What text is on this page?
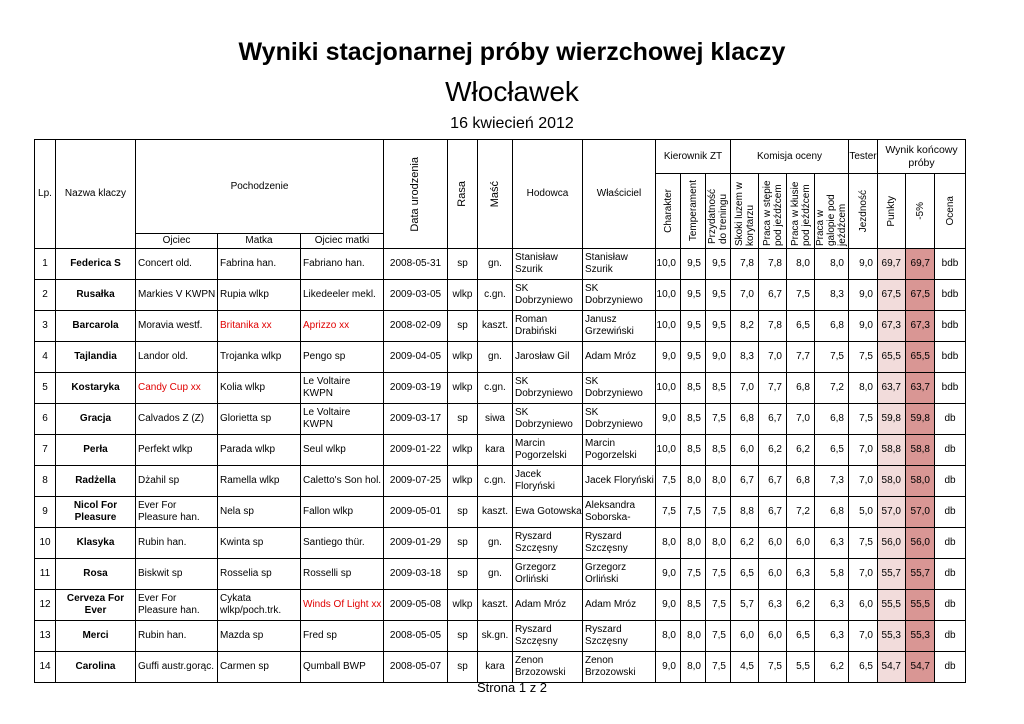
Wyniki stacjonarnej próby wierzchowej klaczy
Włocławek
16 kwiecień 2012
Lp.	Nazwa klaczy	Pochodzenie			Data urodzenia	Rasa	Maść	Hodowca	Właściciel	Kierownik ZT			Komisja oceny				Tester	Wynik końcowy próby		

										Charakter	Temperament	Przydatność do treningu	Skoki luzem w korytarzu	Praca w stępie pod jeźdźcem	Praca w kłusie pod jeźdźcem	Praca w galopie pod jeźdźcem	Jezdność	Punkty	-5%	Ocena

		Ojciec	Matka	Ojciec matki																
1	Federica S	Concert old.	Fabrina han.	Fabriano han.	2008-05-31	sp	gn.	Stanisław Szurik	Stanisław Szurik	10,0	9,5	9,5	7,8	7,8	8,0	8,0	9,0	69,7	69,7	bdb
2	Rusałka	Markies V KWPN	Rupia wlkp	Likedeeler mekl.	2009-03-05	wlkp	c.gn.	SK Dobrzyniewo	SK Dobrzyniewo	10,0	9,5	9,5	7,0	6,7	7,5	8,3	9,0	67,5	67,5	bdb
3	Barcarola	Moravia westf.	Britanika xx	Aprizzo xx	2008-02-09	sp	kaszt.	Roman Drabiński	Janusz Grzewiński	10,0	9,5	9,5	8,2	7,8	6,5	6,8	9,0	67,3	67,3	bdb
4	Tajlandia	Landor old.	Trojanka wlkp	Pengo sp	2009-04-05	wlkp	gn.	Jarosław Gil	Adam Mróz	9,0	9,5	9,0	8,3	7,0	7,7	7,5	7,5	65,5	65,5	bdb
5	Kostaryka	Candy Cup xx	Kolia wlkp	Le Voltaire KWPN	2009-03-19	wlkp	c.gn.	SK Dobrzyniewo	SK Dobrzyniewo	10,0	8,5	8,5	7,0	7,7	6,8	7,2	8,0	63,7	63,7	bdb
6	Gracja	Calvados Z (Z)	Glorietta sp	Le Voltaire KWPN	2009-03-17	sp	siwa	SK Dobrzyniewo	SK Dobrzyniewo	9,0	8,5	7,5	6,8	6,7	7,0	6,8	7,5	59,8	59,8	db
7	Perła	Perfekt wlkp	Parada wlkp	Seul wlkp	2009-01-22	wlkp	kara	Marcin Pogorzelski	Marcin Pogorzelski	10,0	8,5	8,5	6,0	6,2	6,2	6,5	7,0	58,8	58,8	db
8	Radżella	Dżahil sp	Ramella wlkp	Caletto's Son hol.	2009-07-25	wlkp	c.gn.	Jacek Floryński	Jacek Floryński	7,5	8,0	8,0	6,7	6,7	6,8	7,3	7,0	58,0	58,0	db
9	Nicol For Pleasure	Ever For Pleasure han.	Nela sp	Fallon wlkp	2009-05-01	sp	kaszt.	Ewa Gotowska	Aleksandra Soborska-	7,5	7,5	7,5	8,8	6,7	7,2	6,8	5,0	57,0	57,0	db
10	Klasyka	Rubin han.	Kwinta sp	Santiego thür.	2009-01-29	sp	gn.	Ryszard Szczęsny	Ryszard Szczęsny	8,0	8,0	8,0	6,2	6,0	6,0	6,3	7,5	56,0	56,0	db
11	Rosa	Biskwit sp	Rosselia sp	Rosselli sp	2009-03-18	sp	gn.	Grzegorz Orliński	Grzegorz Orliński	9,0	7,5	7,5	6,5	6,0	6,3	5,8	7,0	55,7	55,7	db
12	Cerveza For Ever	Ever For Pleasure han.	Cykata wlkp/poch.trk.	Winds Of Light xx	2009-05-08	wlkp	kaszt.	Adam Mróz	Adam Mróz	9,0	8,5	7,5	5,7	6,3	6,2	6,3	6,0	55,5	55,5	db
13	Merci	Rubin han.	Mazda sp	Fred sp	2008-05-05	sp	sk.gn.	Ryszard Szczęsny	Ryszard Szczęsny	8,0	8,0	7,5	6,0	6,0	6,5	6,3	7,0	55,3	55,3	db
14	Carolina	Guffi austr.gorąc.	Carmen sp	Qumball BWP	2008-05-07	sp	kara	Zenon Brzozowski	Zenon Brzozowski	9,0	8,0	7,5	4,5	7,5	5,5	6,2	6,5	54,7	54,7	db
Strona 1 z 2
